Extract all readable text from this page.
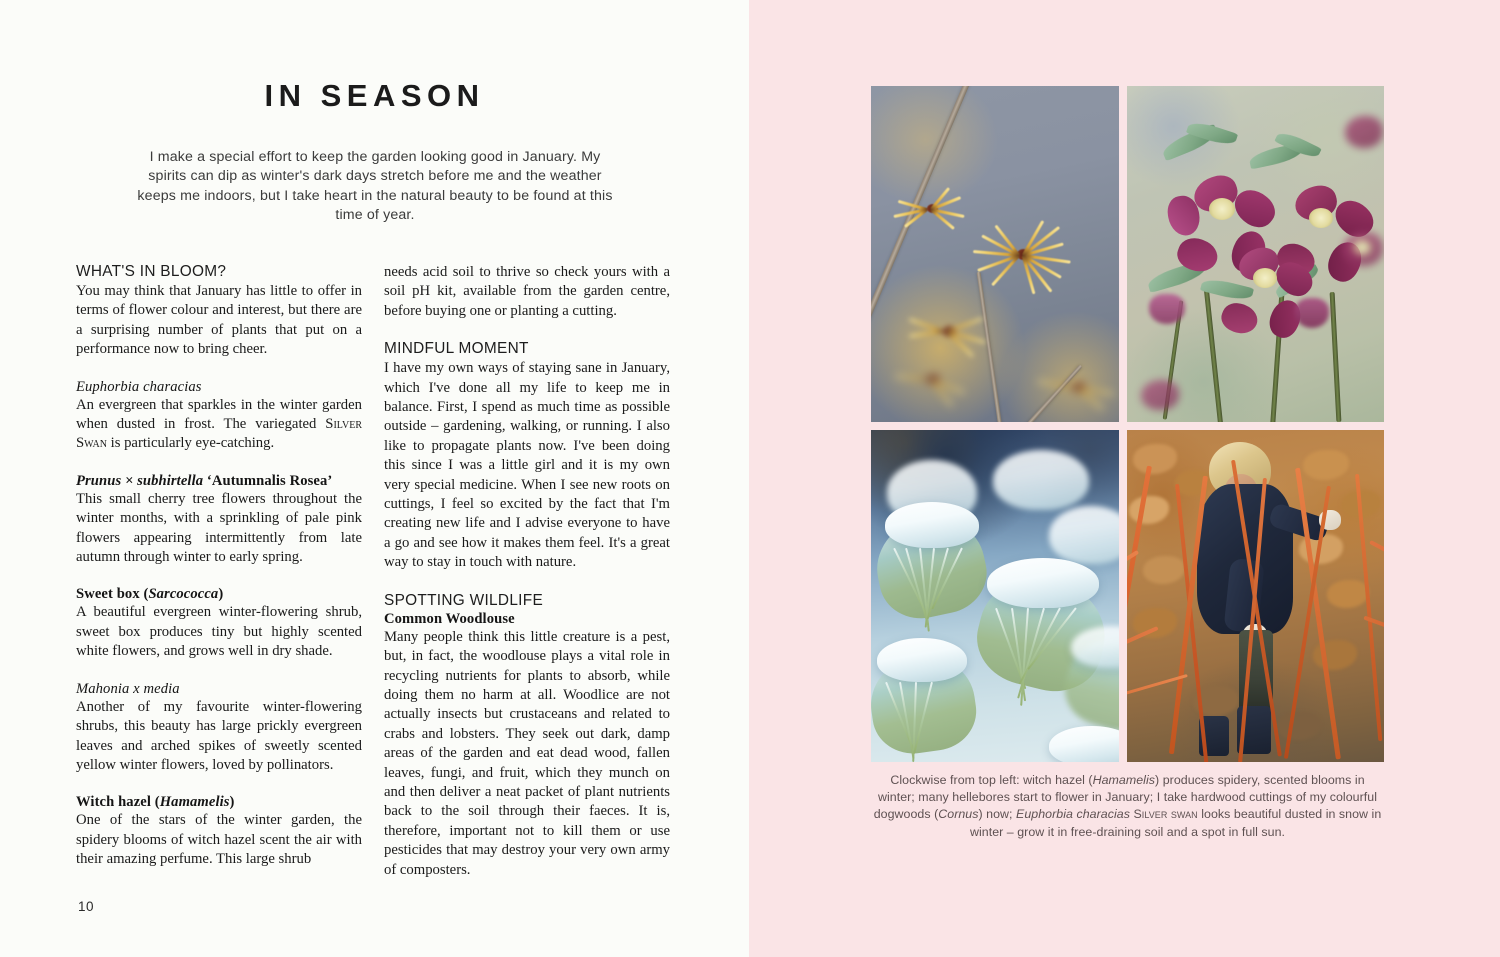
IN SEASON
I make a special effort to keep the garden looking good in January. My spirits can dip as winter's dark days stretch before me and the weather keeps me indoors, but I take heart in the natural beauty to be found at this time of year.
WHAT'S IN BLOOM?

You may think that January has little to offer in terms of flower colour and interest, but there are a surprising number of plants that put on a performance now to bring cheer.

Euphorbia characias

An evergreen that sparkles in the winter garden when dusted in frost. The variegated Silver Swan is particularly eye-catching.

Prunus × subhirtella ‘Autumnalis Rosea’

This small cherry tree flowers throughout the winter months, with a sprinkling of pale pink flowers appearing intermittently from late autumn through winter to early spring.

Sweet box (Sarcococca)

A beautiful evergreen winter-flowering shrub, sweet box produces tiny but highly scented white flowers, and grows well in dry shade.

Mahonia x media

Another of my favourite winter-flowering shrubs, this beauty has large prickly evergreen leaves and arched spikes of sweetly scented yellow winter flowers, loved by pollinators.

Witch hazel (Hamamelis)

One of the stars of the winter garden, the spidery blooms of witch hazel scent the air with their amazing perfume. This large shrub

needs acid soil to thrive so check yours with a soil pH kit, available from the garden centre, before buying one or planting a cutting.

MINDFUL MOMENT

I have my own ways of staying sane in January, which I've done all my life to keep me in balance. First, I spend as much time as possible outside – gardening, walking, or running. I also like to propagate plants now. I've been doing this since I was a little girl and it is my own very special medicine. When I see new roots on cuttings, I feel so excited by the fact that I'm creating new life and I advise everyone to have a go and see how it makes them feel. It's a great way to stay in touch with nature.

SPOTTING WILDLIFE
Common Woodlouse

Many people think this little creature is a pest, but, in fact, the woodlouse plays a vital role in recycling nutrients for plants to absorb, while doing them no harm at all. Woodlice are not actually insects but crustaceans and related to crabs and lobsters. They seek out dark, damp areas of the garden and eat dead wood, fallen leaves, fungi, and fruit, which they munch on and then deliver a neat packet of plant nutrients back to the soil through their faeces. It is, therefore, important not to kill them or use pesticides that may destroy your very own army of composters.

10
Clockwise from top left: witch hazel (Hamamelis) produces spidery, scented blooms in winter; many hellebores start to flower in January; I take hardwood cuttings of my colourful dogwoods (Cornus) now; Euphorbia characias Silver swan looks beautiful dusted in snow in winter – grow it in free-draining soil and a spot in full sun.
